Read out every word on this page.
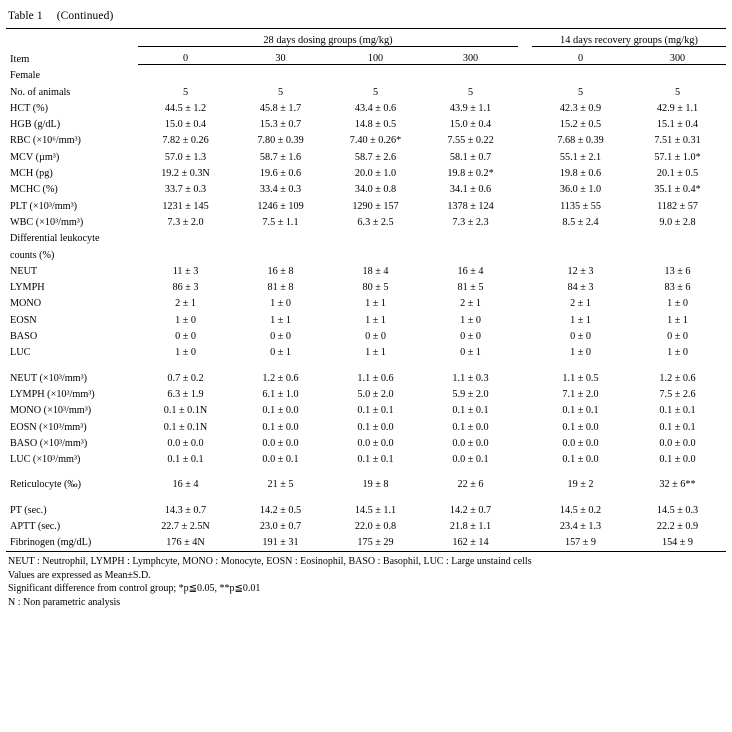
Table 1 (Continued)
Item	28 days dosing groups (mg/kg)					14 days recovery groups (mg/kg)	
	0	30	100	300		0	300
Female							
No. of animals	5	5	5	5		5	5
HCT (%)	44.5 ± 1.2	45.8 ± 1.7	43.4 ± 0.6	43.9 ± 1.1		42.3 ± 0.9	42.9 ± 1.1
HGB (g/dL)	15.0 ± 0.4	15.3 ± 0.7	14.8 ± 0.5	15.0 ± 0.4		15.2 ± 0.5	15.1 ± 0.4
RBC (×10⁶/mm³)	7.82 ± 0.26	7.80 ± 0.39	7.40 ± 0.26*	7.55 ± 0.22		7.68 ± 0.39	7.51 ± 0.31
MCV (µm³)	57.0 ± 1.3	58.7 ± 1.6	58.7 ± 2.6	58.1 ± 0.7		55.1 ± 2.1	57.1 ± 1.0*
MCH (pg)	19.2 ± 0.3N	19.6 ± 0.6	20.0 ± 1.0	19.8 ± 0.2*		19.8 ± 0.6	20.1 ± 0.5
MCHC (%)	33.7 ± 0.3	33.4 ± 0.3	34.0 ± 0.8	34.1 ± 0.6		36.0 ± 1.0	35.1 ± 0.4*
PLT (×10³/mm³)	1231 ± 145	1246 ± 109	1290 ± 157	1378 ± 124		1135 ± 55	1182 ± 57
WBC (×10³/mm³)	7.3 ± 2.0	7.5 ± 1.1	6.3 ± 2.5	7.3 ± 2.3		8.5 ± 2.4	9.0 ± 2.8
Differential leukocyte							
counts (%)							
NEUT	11 ± 3	16 ± 8	18 ± 4	16 ± 4		12 ± 3	13 ± 6
LYMPH	86 ± 3	81 ± 8	80 ± 5	81 ± 5		84 ± 3	83 ± 6
MONO	2 ± 1	1 ± 0	1 ± 1	2 ± 1		2 ± 1	1 ± 0
EOSN	1 ± 0	1 ± 1	1 ± 1	1 ± 0		1 ± 1	1 ± 1
BASO	0 ± 0	0 ± 0	0 ± 0	0 ± 0		0 ± 0	0 ± 0
LUC	1 ± 0	0 ± 1	1 ± 1	0 ± 1		1 ± 0	1 ± 0

NEUT (×10³/mm³)	0.7 ± 0.2	1.2 ± 0.6	1.1 ± 0.6	1.1 ± 0.3		1.1 ± 0.5	1.2 ± 0.6
LYMPH (×10³/mm³)	6.3 ± 1.9	6.1 ± 1.0	5.0 ± 2.0	5.9 ± 2.0		7.1 ± 2.0	7.5 ± 2.6
MONO (×10³/mm³)	0.1 ± 0.1N	0.1 ± 0.0	0.1 ± 0.1	0.1 ± 0.1		0.1 ± 0.1	0.1 ± 0.1
EOSN (×10³/mm³)	0.1 ± 0.1N	0.1 ± 0.0	0.1 ± 0.0	0.1 ± 0.0		0.1 ± 0.0	0.1 ± 0.1
BASO (×10³/mm³)	0.0 ± 0.0	0.0 ± 0.0	0.0 ± 0.0	0.0 ± 0.0		0.0 ± 0.0	0.0 ± 0.0
LUC (×10³/mm³)	0.1 ± 0.1	0.0 ± 0.1	0.1 ± 0.1	0.0 ± 0.1		0.1 ± 0.0	0.1 ± 0.0

Reticulocyte (‰)	16 ± 4	21 ± 5	19 ± 8	22 ± 6		19 ± 2	32 ± 6**

PT (sec.)	14.3 ± 0.7	14.2 ± 0.5	14.5 ± 1.1	14.2 ± 0.7		14.5 ± 0.2	14.5 ± 0.3
APTT (sec.)	22.7 ± 2.5N	23.0 ± 0.7	22.0 ± 0.8	21.8 ± 1.1		23.4 ± 1.3	22.2 ± 0.9
Fibrinogen (mg/dL)	176 ± 4N	191 ± 31	175 ± 29	162 ± 14		157 ± 9	154 ± 9

NEUT : Neutrophil, LYMPH : Lymphcyte, MONO : Monocyte, EOSN : Eosinophil, BASO : Basophil, LUC : Large unstaind cells
Values are expressed as Mean±S.D.
Significant difference from control group; *p≦0.05, **p≦0.01
N : Non parametric analysis
